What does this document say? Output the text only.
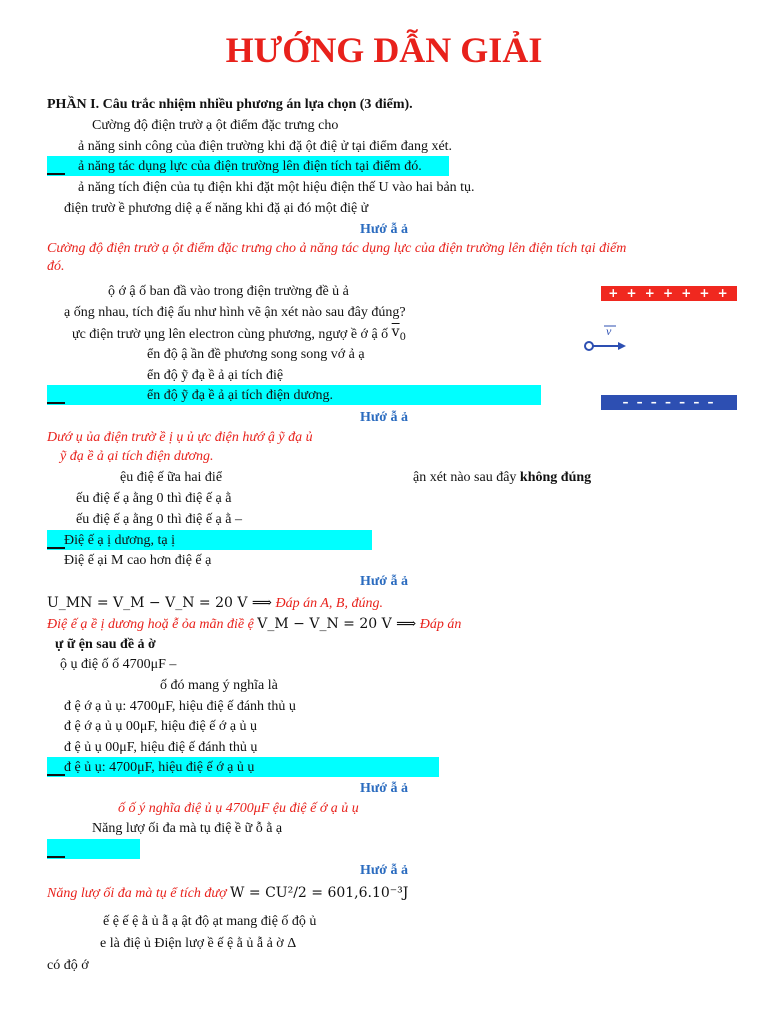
HƯỚNG DẪN GIẢI
PHẦN I. Câu trắc nhiệm nhiều phương án lựa chọn (3 điểm).
Cường độ điện trườ ạ ột điểm đặc trưng cho
ả năng sinh công của điện trường khi đặ ột điệ ử tại điểm đang xét.
ả năng tác dụng lực của điện trường lên điện tích tại điểm đó.
ả năng tích điện của tụ điện khi đặt một hiệu điện thế U vào hai bản tụ.
điện trườ ề phương diệ ạ ế năng khi đặ ại đó một điệ ử
Hướ ẫ ả
Cường độ điện trườ ạ ột điểm đặc trưng cho ả năng tác dụng lực của điện trường lên điện tích tại điểm
đó.
ộ ớ ậ ố ban đầ vào trong điện trường đề ủ ả
ạ ống nhau, tích điệ ấu như hình vẽ ận xét nào sau đây đúng?
ực điện trườ ụng lên electron cùng phương, ngượ ề ớ ậ ố $\overline{v}_0$
ển độ ậ ần đề phương song song vớ ả ạ
ển độ ỹ đạ ề ả ại tích điệ
ển độ ỹ đạ ề ả ại tích điện dương.
+ + + + + + + + + +
– – – – – – –
v
Hướ ẫ ả
Dướ ụ ủa điện trườ ề ị ụ ủ ực điện hướ ậ ỹ đạ ủ
ỹ đạ ề ả ại tích điện dương.
ệu điệ ế ữa hai điể	ận xét nào sau đây không đúng
ếu điệ ế ạ ằng 0 thì điệ ế ạ ằ
ếu điệ ế ạ ằng 0 thì điệ ế ạ ằ –
Điệ ế ạ ị dương, tạ ị
Điệ ế ại M cao hơn điệ ế ạ
Hướ ẫ ả
U_MN = V_M − V_N = 20 V ⟹ Đáp án A, B, đúng.
Điệ ế ạ ề ị dương hoặ ễ ỏa mãn điề ệ V_M − V_N = 20 V ⟹ Đáp án
ự ữ ện sau đề ả ờ
ộ ụ điệ ố ố 4700μF –
ố đó mang ý nghĩa là
đ ệ ớ ạ ủ ụ: 4700μF, hiệu điệ ế đánh thủ ụ
đ ệ ớ ạ ủ ụ 00μF, hiệu điệ ế ớ ạ ủ ụ
đ ệ ủ ụ 00μF, hiệu điệ ế đánh thủ ụ
đ ệ ủ ụ: 4700μF, hiệu điệ ế ớ ạ ủ ụ
Hướ ẫ ả
ố ố ý nghĩa điệ ủ ụ 4700μF ệu điệ ế ớ ạ ủ ụ
Năng lượ ối đa mà tụ điệ ề ữ ỗ ằ ạ
Hướ ẫ ả
Năng lượ ối đa mà tụ ể tích đượ W = CU²/2 = 601,6.10⁻³J
ế ệ ế ệ ằ ủ ẫ ạ ật độ ạt mang điệ ố độ ủ
e là điệ ủ Điện lượ ề ế ệ ằ ủ ẫ ả ờ Δ
có độ ớ
